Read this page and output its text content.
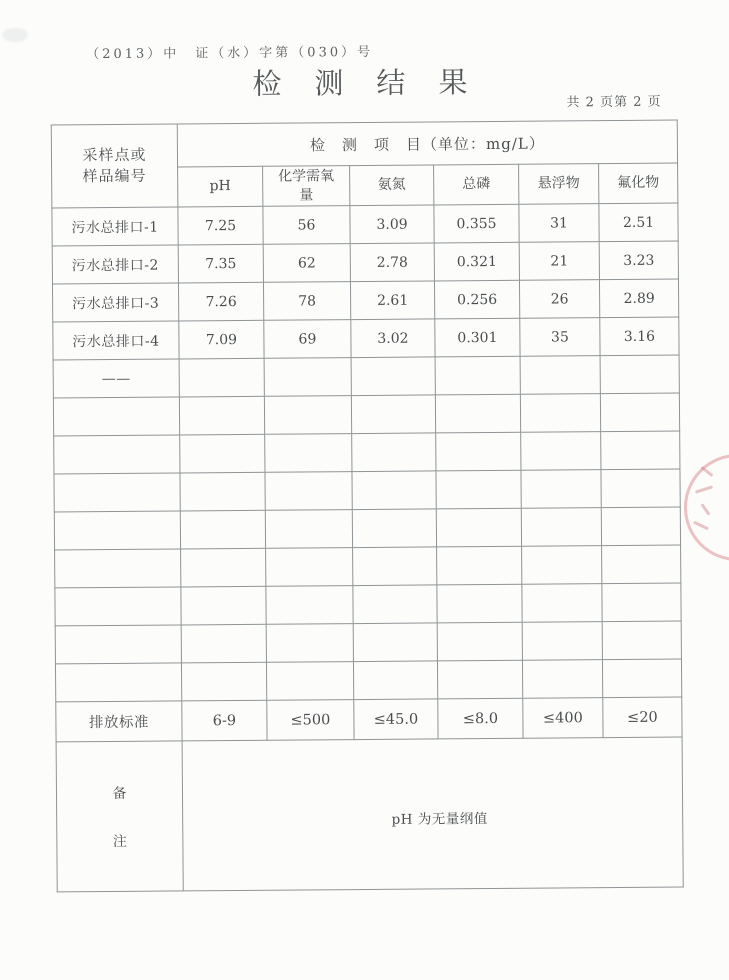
（2013）中　证（水）字第（030）号
检　测　结　果
共 2 页第 2 页
采样点或
样品编号	检　测　项　目（单位：mg/L）					
	pH	化学需氧量	氨氮	总磷	悬浮物	氟化物
污水总排口-1	7.25	56	3.09	0.355	31	2.51
污水总排口-2	7.35	62	2.78	0.321	21	3.23
污水总排口-3	7.26	78	2.61	0.256	26	2.89
污水总排口-4	7.09	69	3.02	0.301	35	3.16
——						

排放标准	6-9	≤500	≤45.0	≤8.0	≤400	≤20

备
注	pH 为无量纲值					
